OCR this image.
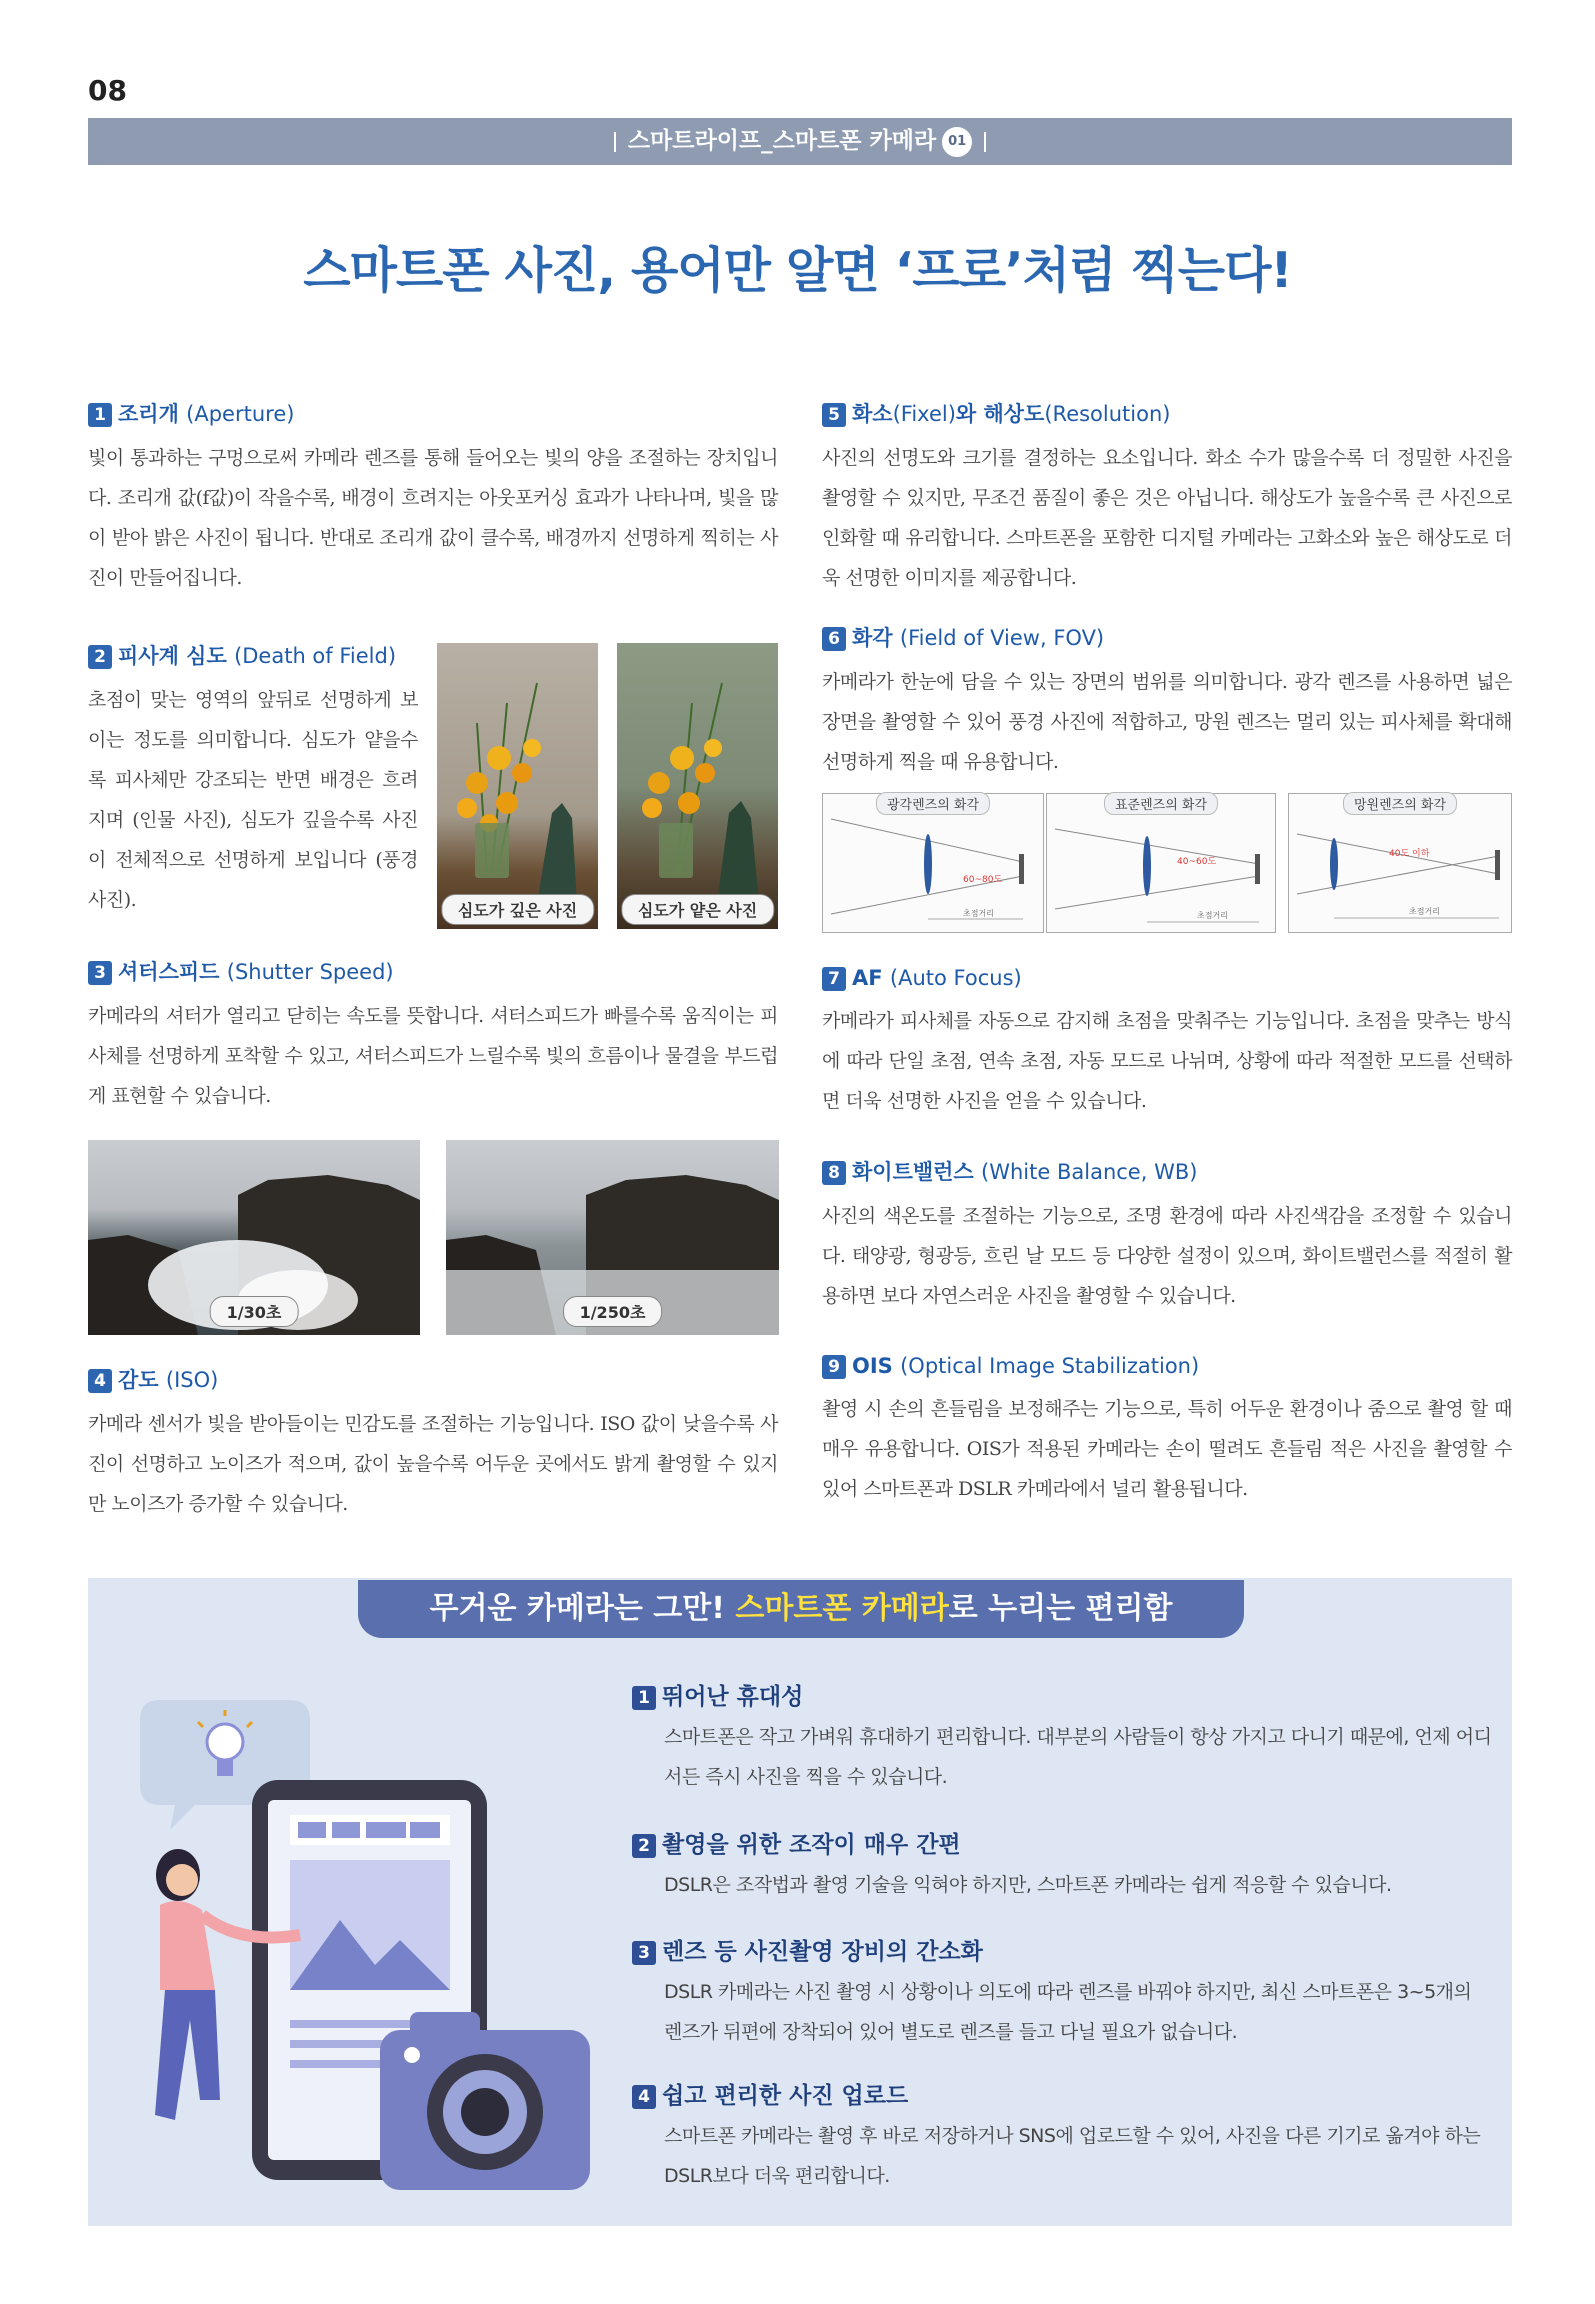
08
스마트라이프_스마트폰 카메라 01
스마트폰 사진, 용어만 알면 ‘프로’처럼 찍는다!
1 조리개 (Aperture)

빛이 통과하는 구멍으로써 카메라 렌즈를 통해 들어오는 빛의 양을 조절하는 장치입니다. 조리개 값(f값)이 작을수록, 배경이 흐려지는 아웃포커싱 효과가 나타나며, 빛을 많이 받아 밝은 사진이 됩니다. 반대로 조리개 값이 클수록, 배경까지 선명하게 찍히는 사진이 만들어집니다.

2 피사계 심도 (Death of Field)

초점이 맞는 영역의 앞뒤로 선명하게 보이는 정도를 의미합니다. 심도가 얕을수록 피사체만 강조되는 반면 배경은 흐려지며 (인물 사진), 심도가 깊을수록 사진이 전체적으로 선명하게 보입니다 (풍경 사진).	심도가 깊은 사진	심도가 얕은 사진
3 셔터스피드 (Shutter Speed)

카메라의 셔터가 열리고 닫히는 속도를 뜻합니다. 셔터스피드가 빠를수록 움직이는 피사체를 선명하게 포착할 수 있고, 셔터스피드가 느릴수록 빛의 흐름이나 물결을 부드럽게 표현할 수 있습니다.

1/30초	1/250초
4 감도 (ISO)

카메라 센서가 빛을 받아들이는 민감도를 조절하는 기능입니다. ISO 값이 낮을수록 사진이 선명하고 노이즈가 적으며, 값이 높을수록 어두운 곳에서도 밝게 촬영할 수 있지만 노이즈가 증가할 수 있습니다.

5 화소(Fixel)와 해상도(Resolution)

사진의 선명도와 크기를 결정하는 요소입니다. 화소 수가 많을수록 더 정밀한 사진을 촬영할 수 있지만, 무조건 품질이 좋은 것은 아닙니다. 해상도가 높을수록 큰 사진으로 인화할 때 유리합니다. 스마트폰을 포함한 디지털 카메라는 고화소와 높은 해상도로 더욱 선명한 이미지를 제공합니다.

6 화각 (Field of View, FOV)

카메라가 한눈에 담을 수 있는 장면의 범위를 의미합니다. 광각 렌즈를 사용하면 넓은 장면을 촬영할 수 있어 풍경 사진에 적합하고, 망원 렌즈는 멀리 있는 피사체를 확대해 선명하게 찍을 때 유용합니다.

광각렌즈의 화각
60~80도
초점거리
표준렌즈의 화각
40~60도
초점거리
망원렌즈의 화각
40도 이하
초점거리
7 AF (Auto Focus)

카메라가 피사체를 자동으로 감지해 초점을 맞춰주는 기능입니다. 초점을 맞추는 방식에 따라 단일 초점, 연속 초점, 자동 모드로 나뉘며, 상황에 따라 적절한 모드를 선택하면 더욱 선명한 사진을 얻을 수 있습니다.

8 화이트밸런스 (White Balance, WB)

사진의 색온도를 조절하는 기능으로, 조명 환경에 따라 사진색감을 조정할 수 있습니다. 태양광, 형광등, 흐린 날 모드 등 다양한 설정이 있으며, 화이트밸런스를 적절히 활용하면 보다 자연스러운 사진을 촬영할 수 있습니다.

9 OIS (Optical Image Stabilization)

촬영 시 손의 흔들림을 보정해주는 기능으로, 특히 어두운 환경이나 줌으로 촬영 할 때 매우 유용합니다. OIS가 적용된 카메라는 손이 떨려도 흔들림 적은 사진을 촬영할 수 있어 스마트폰과 DSLR 카메라에서 널리 활용됩니다.

무거운 카메라는 그만! 스마트폰 카메라로 누리는 편리함
1 뛰어난 휴대성

스마트폰은 작고 가벼워 휴대하기 편리합니다. 대부분의 사람들이 항상 가지고 다니기 때문에, 언제 어디서든 즉시 사진을 찍을 수 있습니다.

2 촬영을 위한 조작이 매우 간편

DSLR은 조작법과 촬영 기술을 익혀야 하지만, 스마트폰 카메라는 쉽게 적응할 수 있습니다.

3 렌즈 등 사진촬영 장비의 간소화

DSLR 카메라는 사진 촬영 시 상황이나 의도에 따라 렌즈를 바꿔야 하지만, 최신 스마트폰은 3~5개의 렌즈가 뒤편에 장착되어 있어 별도로 렌즈를 들고 다닐 필요가 없습니다.

4 쉽고 편리한 사진 업로드

스마트폰 카메라는 촬영 후 바로 저장하거나 SNS에 업로드할 수 있어, 사진을 다른 기기로 옮겨야 하는 DSLR보다 더욱 편리합니다.
